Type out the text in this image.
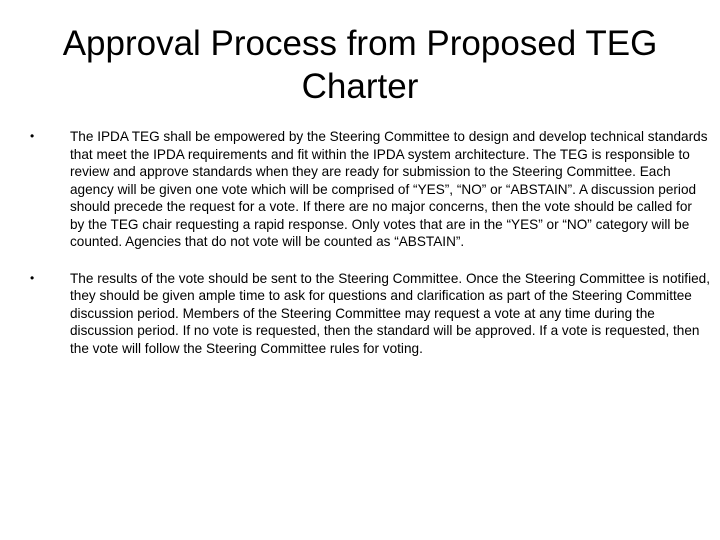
Approval Process from Proposed TEG Charter
•	The IPDA TEG shall be empowered by the Steering Committee to design and develop technical standards that meet the IPDA requirements and fit within the IPDA system architecture. The TEG is responsible to review and approve standards when they are ready for submission to the Steering Committee. Each agency will be given one vote which will be comprised of “YES”, “NO” or “ABSTAIN”. A discussion period should precede the request for a vote. If there are no major concerns, then the vote should be called for by the TEG chair requesting a rapid response. Only votes that are in the “YES” or “NO” category will be counted. Agencies that do not vote will be counted as “ABSTAIN”.
•	The results of the vote should be sent to the Steering Committee. Once the Steering Committee is notified, they should be given ample time to ask for questions and clarification as part of the Steering Committee discussion period. Members of the Steering Committee may request a vote at any time during the discussion period. If no vote is requested, then the standard will be approved. If a vote is requested, then the vote will follow the Steering Committee rules for voting.
